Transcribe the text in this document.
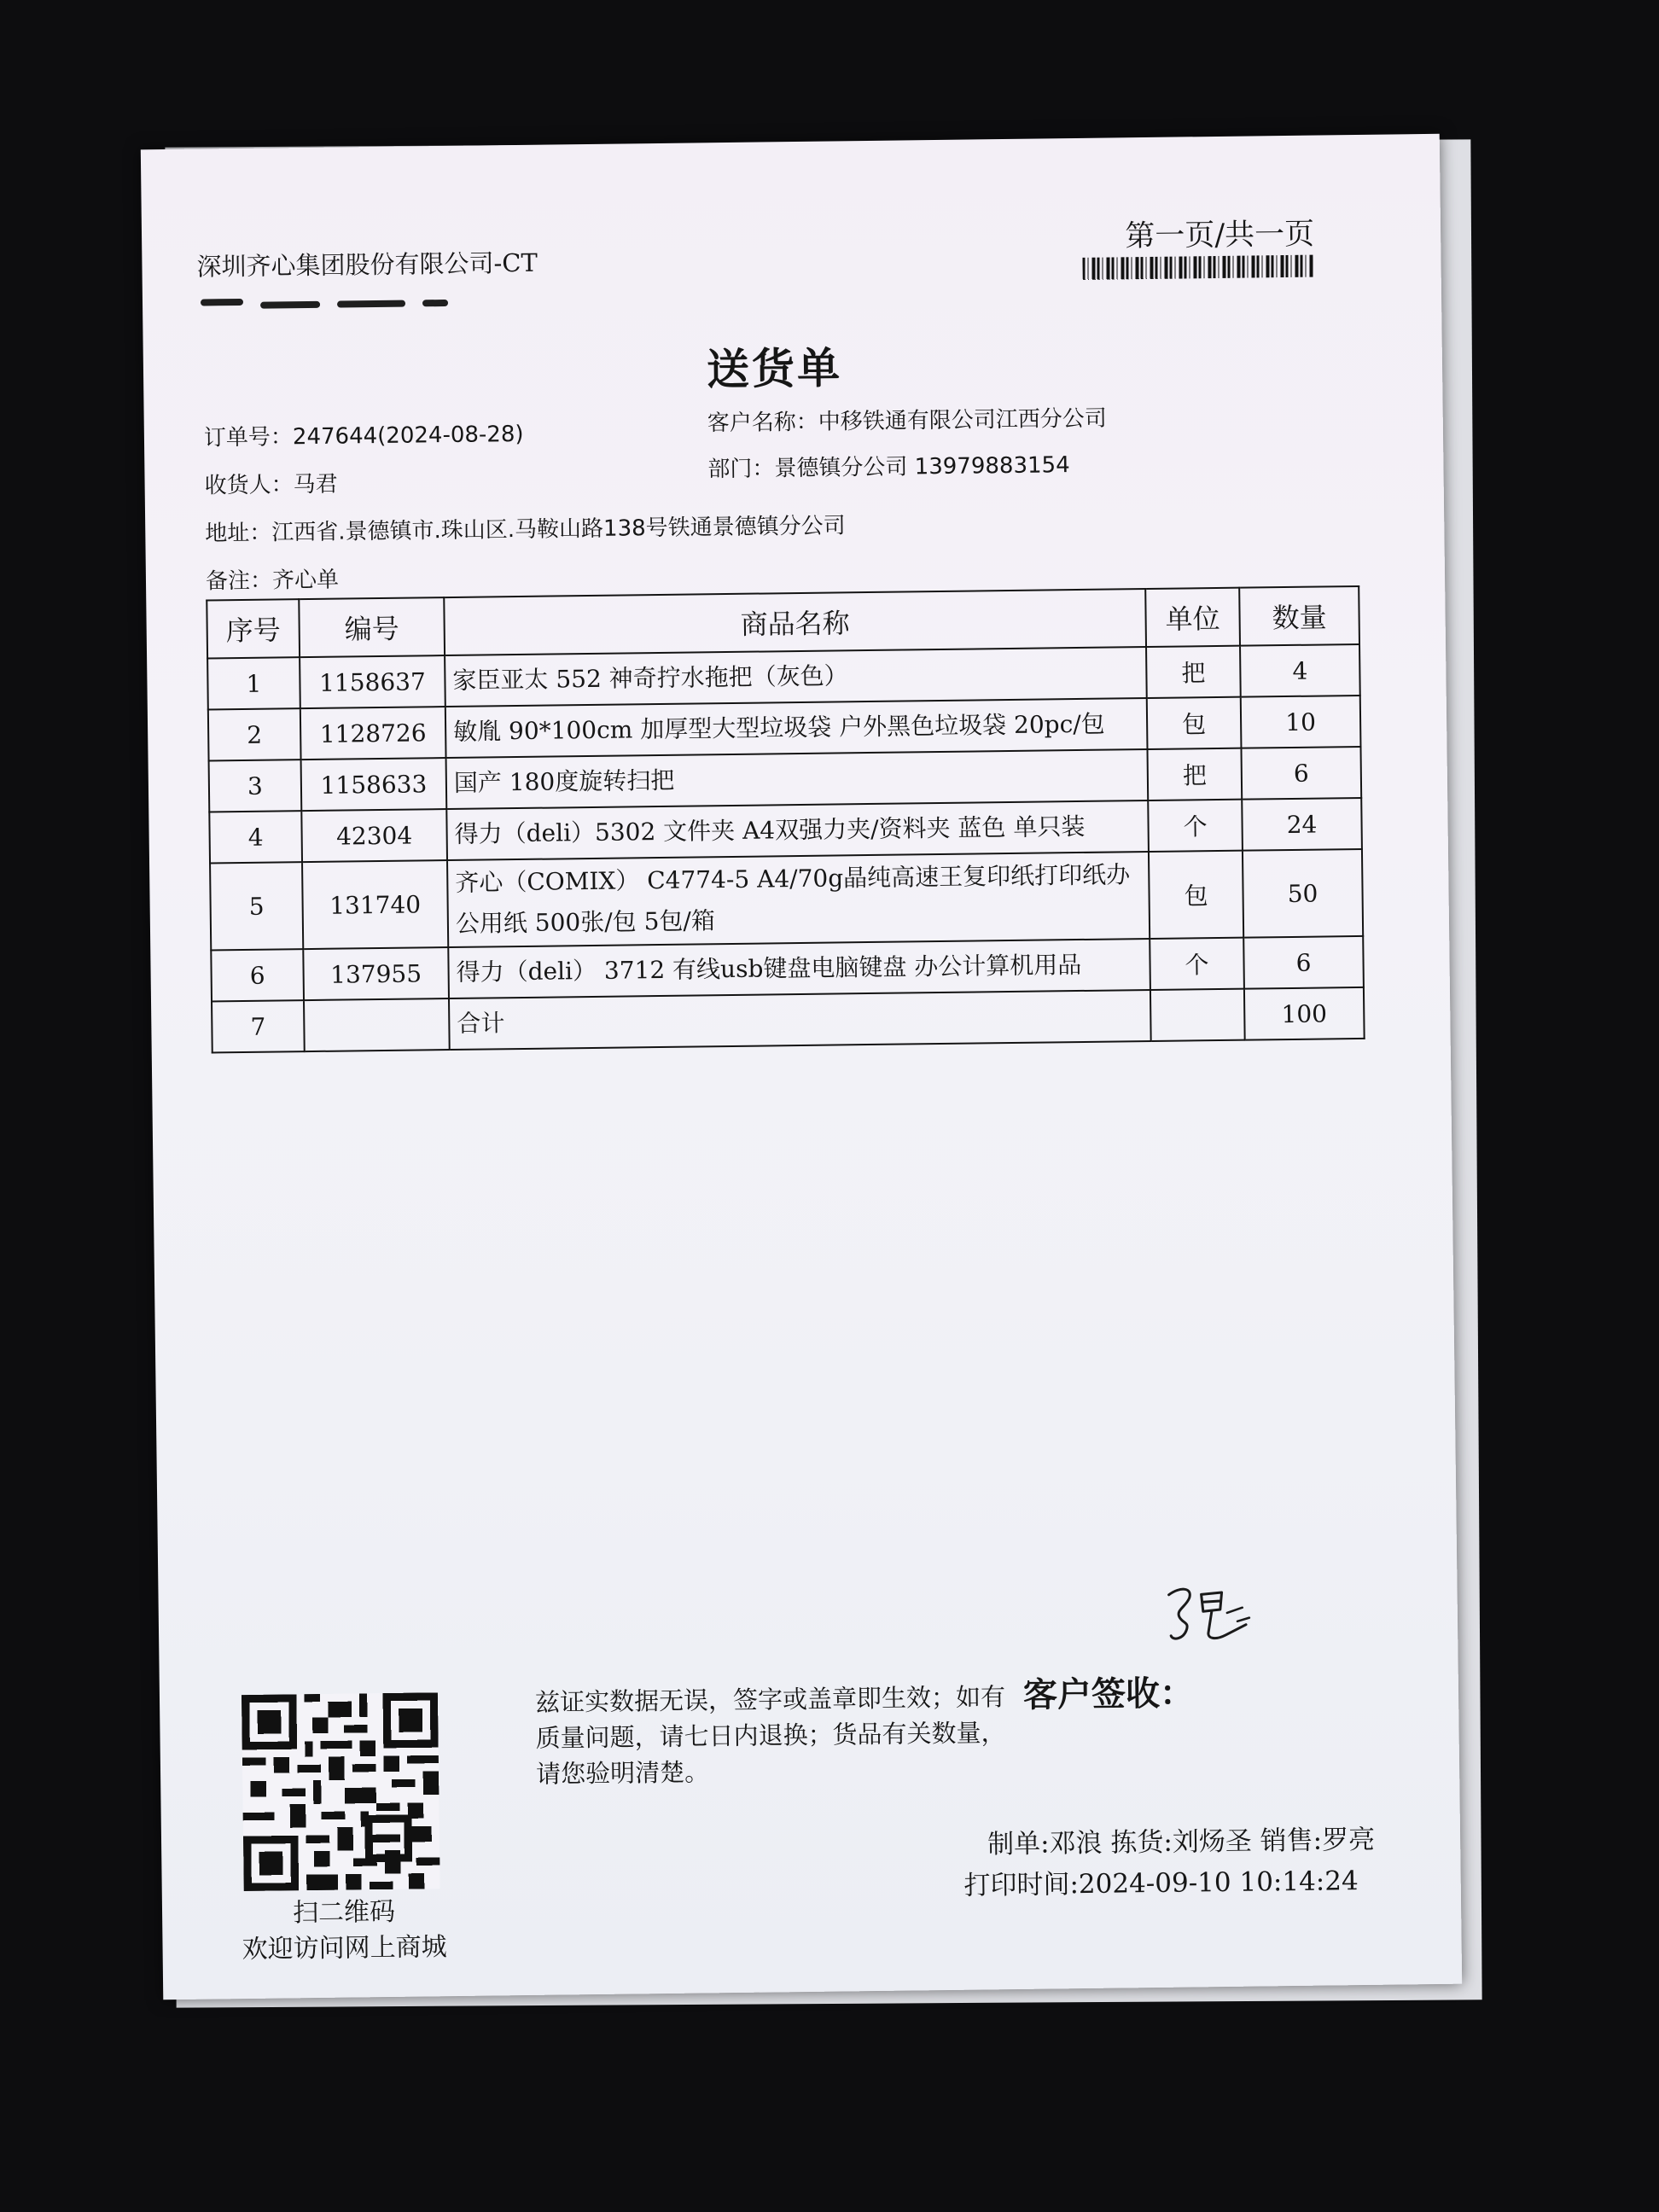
深圳齐心集团股份有限公司-CT
第一页/共一页
送货单
订单号：247644(2024-08-28)
收货人：马君
地址：江西省.景德镇市.珠山区.马鞍山路138号铁通景德镇分公司
备注：齐心单
客户名称：中移铁通有限公司江西分公司
部门：景德镇分公司 13979883154
序号	编号	商品名称	单位	数量
1	1158637	家臣亚太 552 神奇拧水拖把（灰色）	把	4
2	1128726	敏胤 90*100cm 加厚型大型垃圾袋 户外黑色垃圾袋 20pc/包	包	10
3	1158633	国产 180度旋转扫把	把	6
4	42304	得力（deli）5302 文件夹 A4双强力夹/资料夹 蓝色 单只装	个	24
5	131740	齐心（COMIX） C4774-5 A4/70g晶纯高速王复印纸打印纸办公用纸 500张/包 5包/箱	包	50
6	137955	得力（deli） 3712 有线usb键盘电脑键盘 办公计算机用品	个	6
7		合计		100
扫二维码
欢迎访问网上商城
兹证实数据无误，签字或盖章即生效；如有质量问题，请七日内退换；货品有关数量，请您验明清楚。
客户签收：
制单:邓浪 拣货:刘炀圣 销售:罗亮
打印时间:2024-09-10 10:14:24
